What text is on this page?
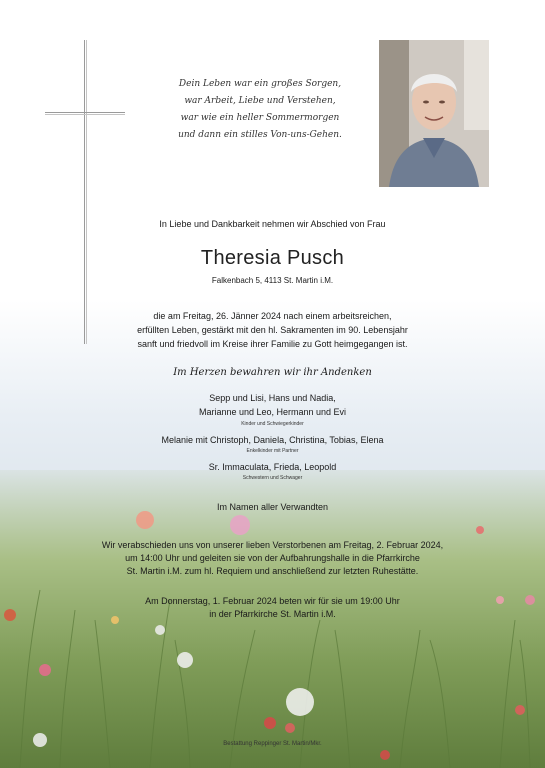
Dein Leben war ein großes Sorgen,
war Arbeit, Liebe und Verstehen,
war wie ein heller Sommermorgen
und dann ein stilles Von-uns-Gehen.
In Liebe und Dankbarkeit nehmen wir Abschied von Frau
Theresia Pusch
Falkenbach 5, 4113 St. Martin i.M.
die am Freitag, 26. Jänner 2024 nach einem arbeitsreichen,
erfüllten Leben, gestärkt mit den hl. Sakramenten im 90. Lebensjahr
sanft und friedvoll im Kreise ihrer Familie zu Gott heimgegangen ist.
Im Herzen bewahren wir ihr Andenken
Sepp und Lisi, Hans und Nadia,
Marianne und Leo, Hermann und Evi
Kinder und Schwiegerkinder
Melanie mit Christoph, Daniela, Christina, Tobias, Elena
Enkelkinder mit Partner
Sr. Immaculata, Frieda, Leopold
Schwestern und Schwager
Im Namen aller Verwandten
Wir verabschieden uns von unserer lieben Verstorbenen am Freitag, 2. Februar 2024,
um 14:00 Uhr und geleiten sie von der Aufbahrungshalle in die Pfarrkirche
St. Martin i.M. zum hl. Requiem und anschließend zur letzten Ruhestätte.
Am Donnerstag, 1. Februar 2024 beten wir für sie um 19:00 Uhr
in der Pfarrkirche St. Martin i.M.
Bestattung Reppinger St. Martin/Mkr.
